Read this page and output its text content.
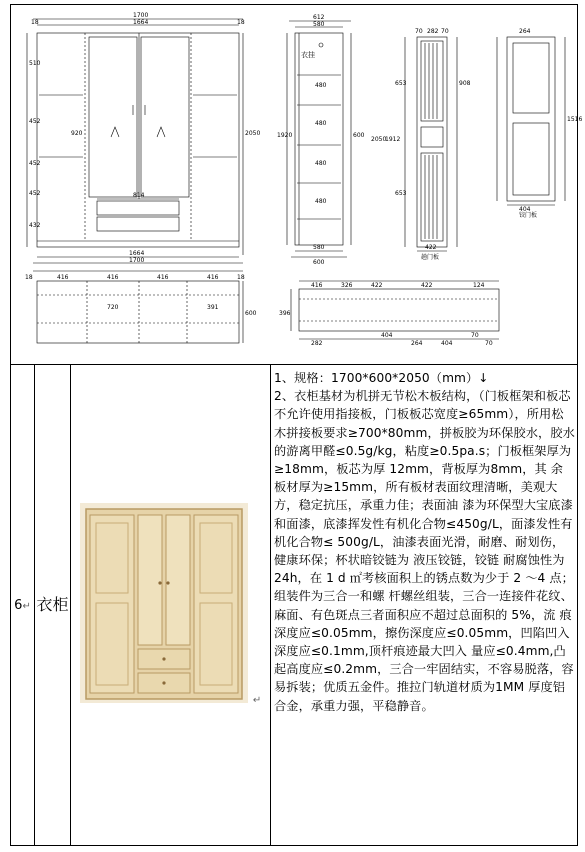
1700
1664
18	18
1664
1700
510
452
452
452
432
920
814
2050
612
580
衣挂
480
480
480
480
1920	600
580
600
70 282 70
908
653
653
1912
2050
1516
422
趟门板
铰门板
264
404
416	416	416	416
18	18
720	391
600
416	326	422	422	124
282	264
404	70
404	70
396

6↵	衣柜	↵	

1、规格：1700*600*2050（mm）↓

2、衣柜基材为机拼无节松木板结构，（门板框架和板芯不允许使用指接板，门板板芯宽度≥65mm），所用松木拼接板要求≥700*80mm，拼板胶为环保胶水，胶水的游离甲醛≤0.5g/kg，粘度≥0.5pa.s；门板框架厚为≥18mm，板芯为厚 12mm，背板厚为8mm，其 余板材厚为≥15mm，所有板材表面纹理清晰，美观大方，稳定抗压，承重力佳；表面油 漆为环保型大宝底漆和面漆，底漆挥发性有机化合物≤450g/L，面漆发性有机化合物≤ 500g/L，油漆表面光滑，耐磨、耐划伤，健康环保；杯状暗铰链为 液压铰链，铰链 耐腐蚀性为 24h，在 1 d ㎡考核面积上的锈点数为少于 2 ～4 点；组装件为三合一和螺 杆螺丝组装，三合一连接件花纹、麻面、有色斑点三者面积应不超过总面积的 5%，流 痕深度应≤0.05mm，擦伤深度应≤0.05mm，凹陷凹入深度应≤0.1mm,顶杆痕迹最大凹入 量应≤0.4mm,凸起高度应≤0.2mm，三合一牢固结实，不容易脱落，容易拆装；优质五金件。推拉门轨道材质为1MM 厚度铝合金，承重力强，平稳静音。
